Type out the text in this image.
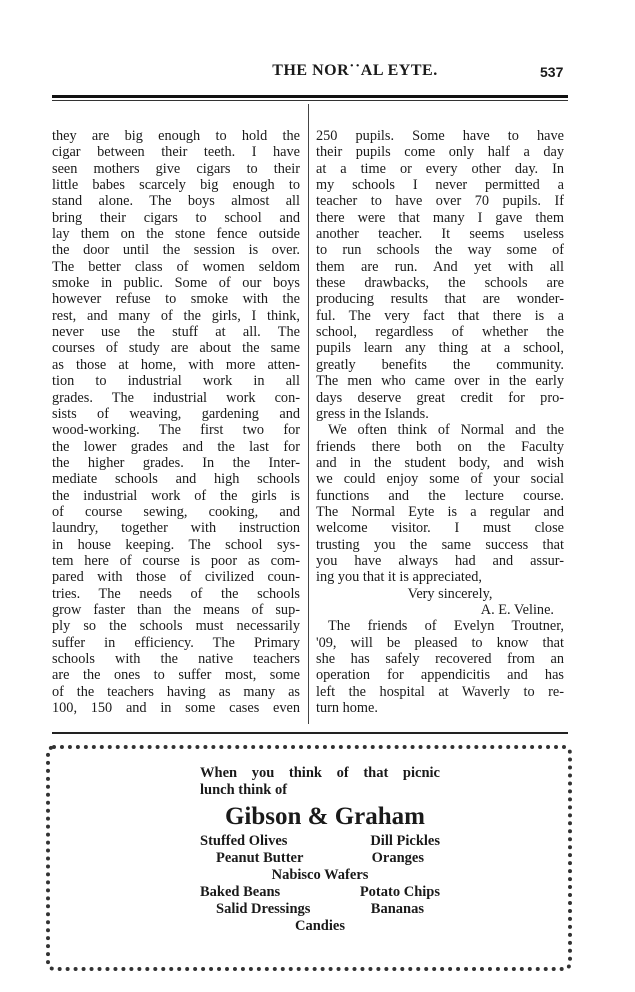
THE NOR˙˙AL EYTE.	537
they are big enough to hold the
cigar between their teeth. I have
seen mothers give cigars to their
little babes scarcely big enough to
stand alone. The boys almost all
bring their cigars to school and
lay them on the stone fence outside
the door until the session is over.
The better class of women seldom
smoke in public. Some of our boys
however refuse to smoke with the
rest, and many of the girls, I think,
never use the stuff at all. The
courses of study are about the same
as those at home, with more atten-
tion to industrial work in all
grades. The industrial work con-
sists of weaving, gardening and
wood-working. The first two for
the lower grades and the last for
the higher grades. In the Inter-
mediate schools and high schools
the industrial work of the girls is
of course sewing, cooking, and
laundry, together with instruction
in house keeping. The school sys-
tem here of course is poor as com-
pared with those of civilized coun-
tries. The needs of the schools
grow faster than the means of sup-
ply so the schools must necessarily
suffer in efficiency. The Primary
schools with the native teachers
are the ones to suffer most, some
of the teachers having as many as
100, 150 and in some cases even
250 pupils. Some have to have
their pupils come only half a day
at a time or every other day. In
my schools I never permitted a
teacher to have over 70 pupils. If
there were that many I gave them
another teacher. It seems useless
to run schools the way some of
them are run. And yet with all
these drawbacks, the schools are
producing results that are wonder-
ful. The very fact that there is a
school, regardless of whether the
pupils learn any thing at a school,
greatly benefits the community.
The men who came over in the early
days deserve great credit for pro-
gress in the Islands.
We often think of Normal and the
friends there both on the Faculty
and in the student body, and wish
we could enjoy some of your social
functions and the lecture course.
The Normal Eyte is a regular and
welcome visitor. I must close
trusting you the same success that
you have always had and assur-
ing you that it is appreciated,
Very sincerely,
A. E. Veline.
The friends of Evelyn Troutner,
'09, will be pleased to know that
she has safely recovered from an
operation for appendicitis and has
left the hospital at Waverly to re-
turn home.
When you think of that picnic
lunch think of
Gibson & Graham
Stuffed Olives	Dill Pickles
Peanut Butter	Oranges
Nabisco Wafers
Baked Beans	Potato Chips
Salid Dressings	Bananas
Candies
